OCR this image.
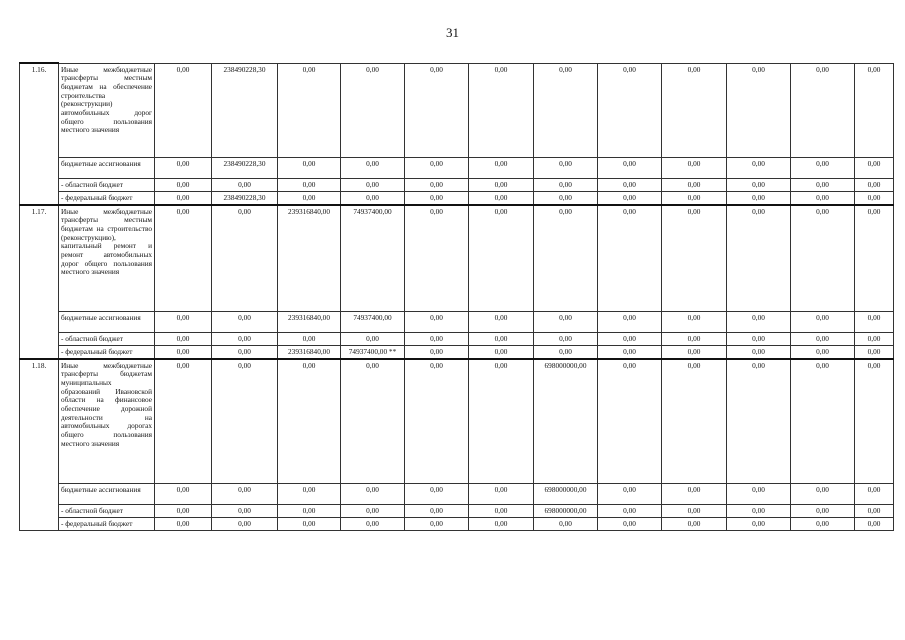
31
1.16.	Иные межбюджетные трансферты местным бюджетам на обеспечение строительства (реконструкции) автомобильных дорог общего пользования местного значения	0,00	238490228,30	0,00	0,00	0,00	0,00	0,00	0,00	0,00	0,00	0,00	0,00
	бюджетные ассигнования	0,00	238490228,30	0,00	0,00	0,00	0,00	0,00	0,00	0,00	0,00	0,00	0,00
	- областной бюджет	0,00	0,00	0,00	0,00	0,00	0,00	0,00	0,00	0,00	0,00	0,00	0,00
	- федеральный бюджет	0,00	238490228,30	0,00	0,00	0,00	0,00	0,00	0,00	0,00	0,00	0,00	0,00
1.17.	Иные межбюджетные трансферты местным бюджетам на строительство (реконструкцию), капитальный ремонт и ремонт автомобильных дорог общего пользования местного значения	0,00	0,00	239316840,00	74937400,00	0,00	0,00	0,00	0,00	0,00	0,00	0,00	0,00
	бюджетные ассигнования	0,00	0,00	239316840,00	74937400,00	0,00	0,00	0,00	0,00	0,00	0,00	0,00	0,00
	- областной бюджет	0,00	0,00	0,00	0,00	0,00	0,00	0,00	0,00	0,00	0,00	0,00	0,00
	- федеральный бюджет	0,00	0,00	239316840,00	74937400,00 **	0,00	0,00	0,00	0,00	0,00	0,00	0,00	0,00
1.18.	Иные межбюджетные трансферты бюджетам муниципальных образований Ивановской области на финансовое обеспечение дорожной деятельности на автомобильных дорогах общего пользования местного значения	0,00	0,00	0,00	0,00	0,00	0,00	698000000,00	0,00	0,00	0,00	0,00	0,00
	бюджетные ассигнования	0,00	0,00	0,00	0,00	0,00	0,00	698000000,00	0,00	0,00	0,00	0,00	0,00
	- областной бюджет	0,00	0,00	0,00	0,00	0,00	0,00	698000000,00	0,00	0,00	0,00	0,00	0,00
	- федеральный бюджет	0,00	0,00	0,00	0,00	0,00	0,00	0,00	0,00	0,00	0,00	0,00	0,00
